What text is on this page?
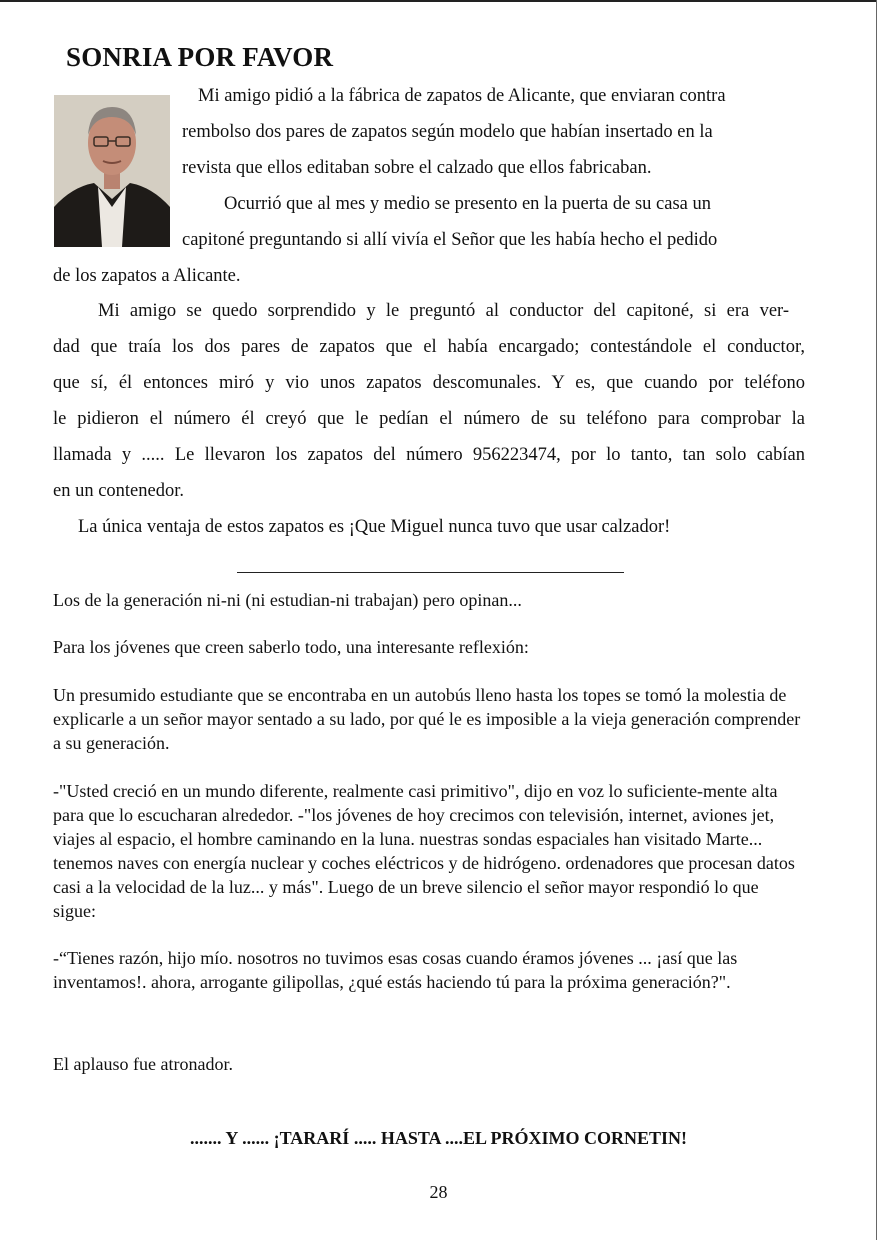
SONRIA POR FAVOR
Mi amigo pidió a la fábrica de zapatos de Alicante, que enviaran contra
rembolso dos pares de zapatos según modelo que habían insertado en la
revista que ellos editaban sobre el calzado que ellos fabricaban.
Ocurrió que al mes y medio se presento en la puerta de su casa un
capitoné preguntando si allí vivía el Señor que les había hecho el pedido
de los zapatos a Alicante.
Mi amigo se quedo sorprendido y le preguntó al conductor del capitoné, si era ver-
dad que traía los dos pares de zapatos que el había encargado; contestándole el conductor,
que sí, él entonces miró y vio unos zapatos descomunales. Y es, que cuando por teléfono
le pidieron el número él creyó que le pedían el número de su teléfono para comprobar la
llamada y ..... Le llevaron los zapatos del número 956223474, por lo tanto, tan solo cabían
en un contenedor.
La única ventaja de estos zapatos es ¡Que Miguel nunca tuvo que usar calzador!

Los de la generación ni-ni (ni estudian-ni trabajan) pero opinan...

Para los jóvenes que creen saberlo todo, una interesante reflexión:

Un presumido estudiante que se encontraba en un autobús lleno hasta los topes se tomó la molestia de explicarle a un señor mayor sentado a su lado, por qué le es imposible a la vieja generación comprender a su generación.

-"Usted creció en un mundo diferente, realmente casi primitivo", dijo en voz lo suficiente-mente alta para que lo escucharan alrededor. -"los jóvenes de hoy crecimos con televisión, internet, aviones jet, viajes al espacio, el hombre caminando en la luna. nuestras sondas espaciales han visitado Marte... tenemos naves con energía nuclear y coches eléctricos y de hidrógeno. ordenadores que procesan datos casi a la velocidad de la luz... y más". Luego de un breve silencio el señor mayor respondió lo que sigue:

-“Tienes razón, hijo mío. nosotros no tuvimos esas cosas cuando éramos jóvenes ... ¡así que las inventamos!. ahora, arrogante gilipollas, ¿qué estás haciendo tú para la próxima generación?".

El aplauso fue atronador.

....... Y ...... ¡TARARÍ ..... HASTA ....EL PRÓXIMO CORNETIN!

28
